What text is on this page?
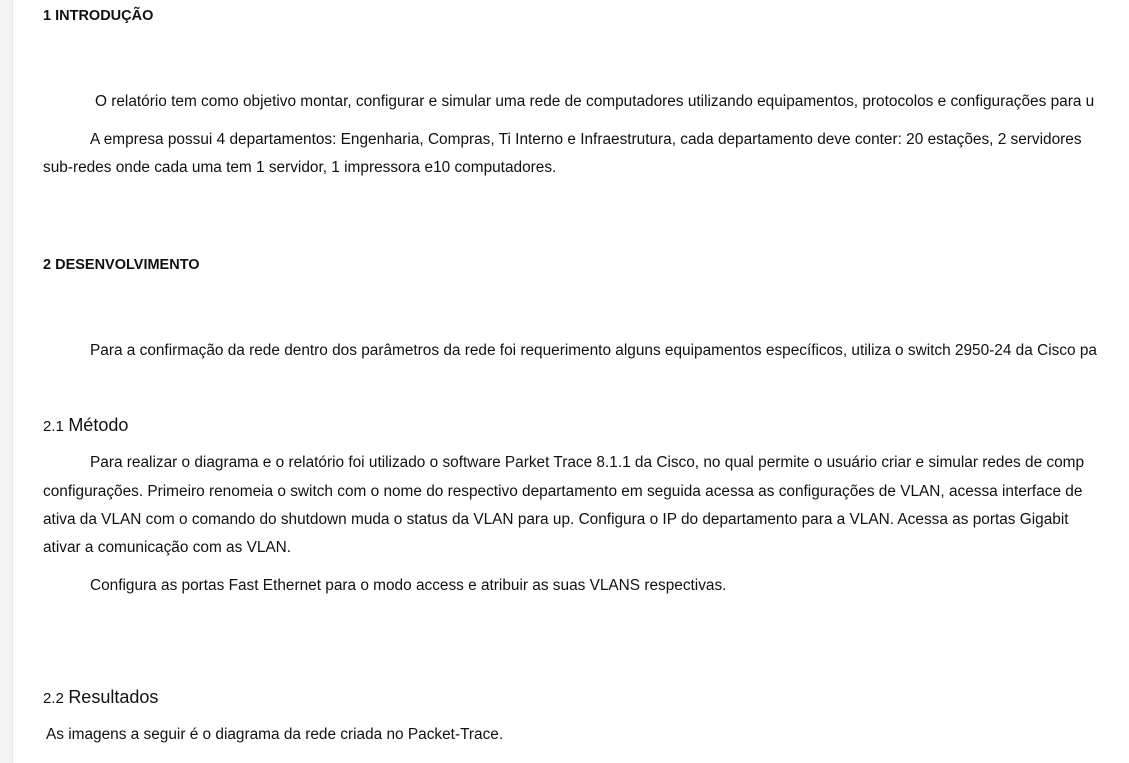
1 INTRODUÇÃO
O relatório tem como objetivo montar, configurar e simular uma rede de computadores utilizando equipamentos, protocolos e configurações para u
A empresa possui 4 departamentos: Engenharia, Compras, Ti Interno e Infraestrutura, cada departamento deve conter: 20 estações, 2 servidores
sub-redes onde cada uma tem 1 servidor, 1 impressora e10 computadores.
2 DESENVOLVIMENTO
Para a confirmação da rede dentro dos parâmetros da rede foi requerimento alguns equipamentos específicos, utiliza o switch 2950-24 da Cisco pa
2.1 Método
Para realizar o diagrama e o relatório foi utilizado o software Parket Trace 8.1.1 da Cisco, no qual permite o usuário criar e simular redes de comp
configurações. Primeiro renomeia o switch com o nome do respectivo departamento em seguida acessa as configurações de VLAN, acessa interface de
ativa da VLAN com o comando do shutdown muda o status da VLAN para up. Configura o IP do departamento para a VLAN. Acessa as portas Gigabit
ativar a comunicação com as VLAN.
Configura as portas Fast Ethernet para o modo access e atribuir as suas VLANS respectivas.
2.2 Resultados
As imagens a seguir é o diagrama da rede criada no Packet-Trace.
